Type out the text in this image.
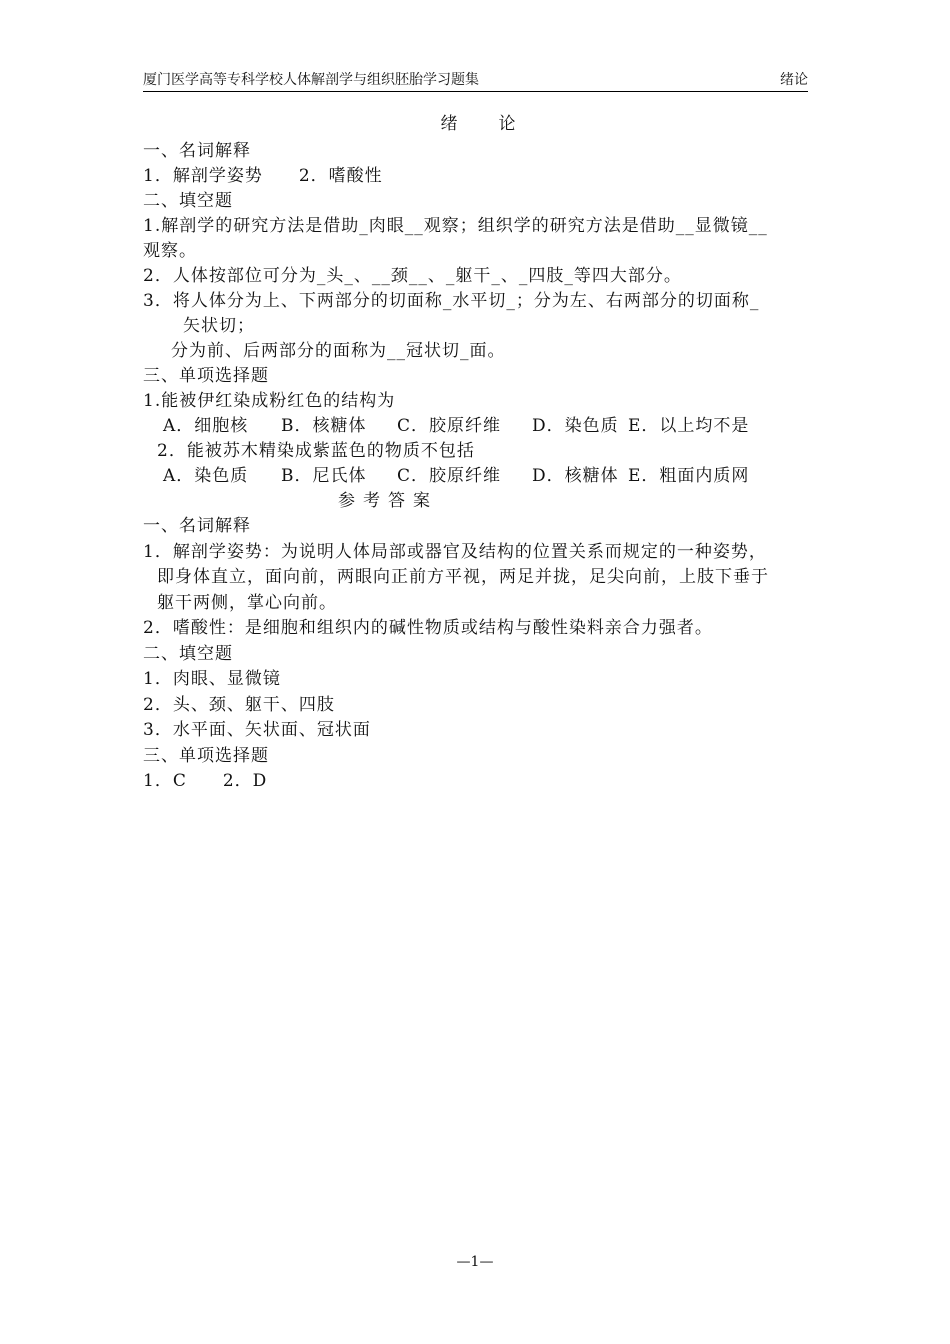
厦门医学高等专科学校人体解剖学与组织胚胎学习题集	绪论
绪　论
一、名词解释
1．解剖学姿势　　2．嗜酸性
二、填空题
1.解剖学的研究方法是借助_肉眼__观察；组织学的研究方法是借助__显微镜__
观察。
2．人体按部位可分为_头_、__颈__、_躯干_、_四肢_等四大部分。
3．将人体分为上、下两部分的切面称_水平切_；分为左、右两部分的切面称_
矢状切；
分为前、后两部分的面称为__冠状切_面。
三、单项选择题
1.能被伊红染成粉红色的结构为
A．细胞核 B．核糖体 C．胶原纤维 D．染色质 E．以上均不是
2．能被苏木精染成紫蓝色的物质不包括
A．染色质 B．尼氏体 C．胶原纤维 D．核糖体 E．粗面内质网
参考答案
一、名词解释
1．解剖学姿势：为说明人体局部或器官及结构的位置关系而规定的一种姿势，
即身体直立，面向前，两眼向正前方平视，两足并拢，足尖向前，上肢下垂于
躯干两侧，掌心向前。
2．嗜酸性：是细胞和组织内的碱性物质或结构与酸性染料亲合力强者。
二、填空题
1．肉眼、显微镜
2．头、颈、躯干、四肢
3．水平面、矢状面、冠状面
三、单项选择题
1．C　　2．D
—1—
